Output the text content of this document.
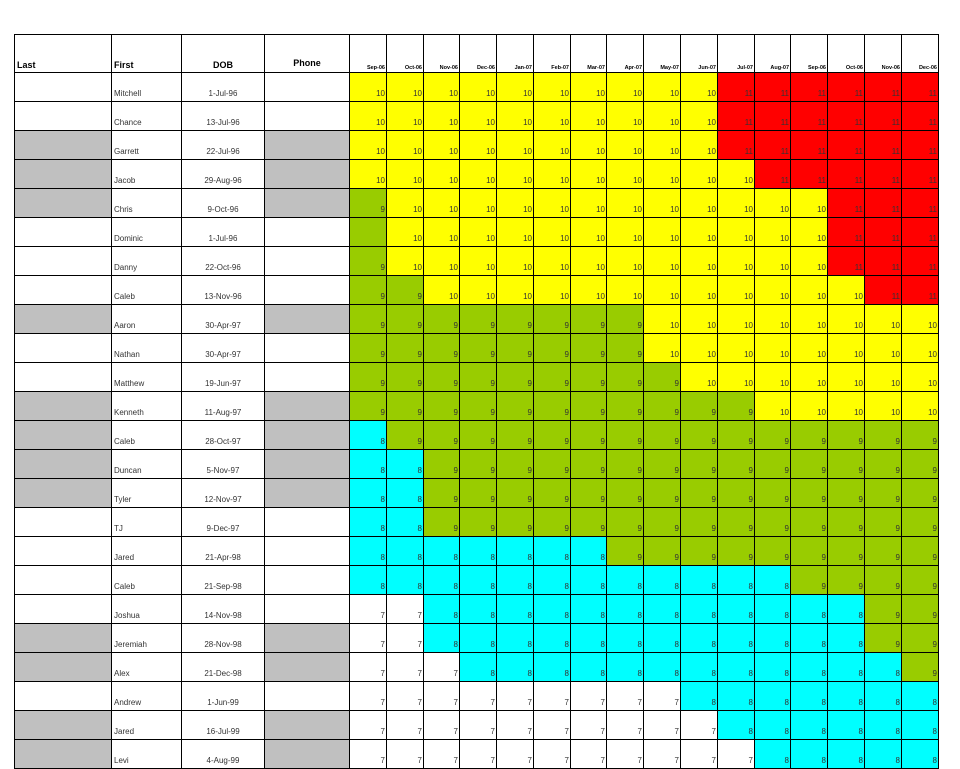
Last	First	DOB	Phone	Sep-06	Oct-06	Nov-06	Dec-06	Jan-07	Feb-07	Mar-07	Apr-07	May-07	Jun-07	Jul-07	Aug-07	Sep-06	Oct-06	Nov-06	Dec-06
	Mitchell	1-Jul-96		10	10	10	10	10	10	10	10	10	10	11	11	11	11	11	11
	Chance	13-Jul-96		10	10	10	10	10	10	10	10	10	10	11	11	11	11	11	11
	Garrett	22-Jul-96		10	10	10	10	10	10	10	10	10	10	11	11	11	11	11	11
	Jacob	29-Aug-96		10	10	10	10	10	10	10	10	10	10	10	11	11	11	11	11
	Chris	9-Oct-96		9	10	10	10	10	10	10	10	10	10	10	10	10	11	11	11
	Dominic	1-Jul-96			10	10	10	10	10	10	10	10	10	10	10	10	11	11	11
	Danny	22-Oct-96		9	10	10	10	10	10	10	10	10	10	10	10	10	11	11	11
	Caleb	13-Nov-96		9	9	10	10	10	10	10	10	10	10	10	10	10	10	11	11
	Aaron	30-Apr-97		9	9	9	9	9	9	9	9	10	10	10	10	10	10	10	10
	Nathan	30-Apr-97		9	9	9	9	9	9	9	9	10	10	10	10	10	10	10	10
	Matthew	19-Jun-97		9	9	9	9	9	9	9	9	9	10	10	10	10	10	10	10
	Kenneth	11-Aug-97		9	9	9	9	9	9	9	9	9	9	9	10	10	10	10	10
	Caleb	28-Oct-97		8	9	9	9	9	9	9	9	9	9	9	9	9	9	9	9
	Duncan	5-Nov-97		8	8	9	9	9	9	9	9	9	9	9	9	9	9	9	9
	Tyler	12-Nov-97		8	8	9	9	9	9	9	9	9	9	9	9	9	9	9	9
	TJ	9-Dec-97		8	8	9	9	9	9	9	9	9	9	9	9	9	9	9	9
	Jared	21-Apr-98		8	8	8	8	8	8	8	9	9	9	9	9	9	9	9	9
	Caleb	21-Sep-98		8	8	8	8	8	8	8	8	8	8	8	8	9	9	9	9
	Joshua	14-Nov-98		7	7	8	8	8	8	8	8	8	8	8	8	8	8	9	9
	Jeremiah	28-Nov-98		7	7	8	8	8	8	8	8	8	8	8	8	8	8	9	9
	Alex	21-Dec-98		7	7	7	8	8	8	8	8	8	8	8	8	8	8	8	9
	Andrew	1-Jun-99		7	7	7	7	7	7	7	7	7	8	8	8	8	8	8	8
	Jared	16-Jul-99		7	7	7	7	7	7	7	7	7	7	8	8	8	8	8	8
	Levi	4-Aug-99		7	7	7	7	7	7	7	7	7	7	7	8	8	8	8	8
